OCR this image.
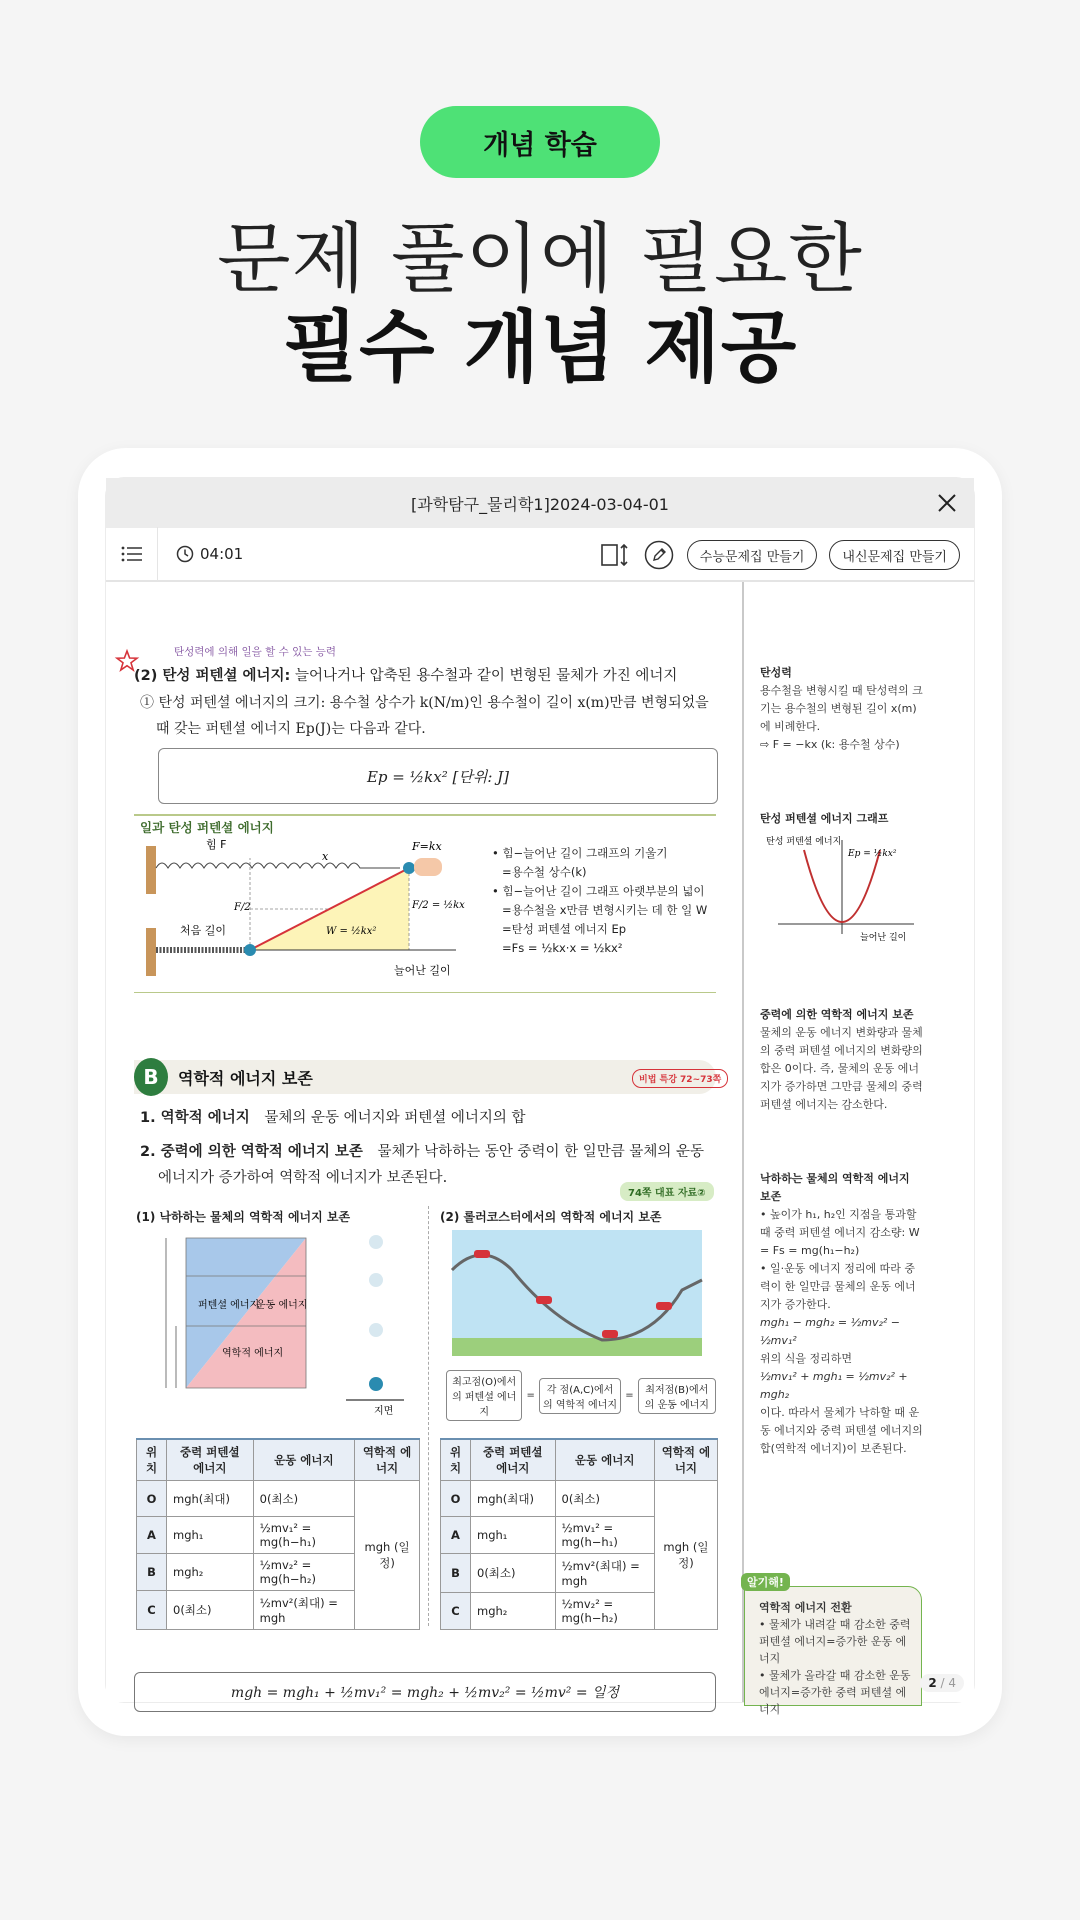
개념 학습
문제 풀이에 필요한
필수 개념 제공
[과학탐구_물리학1]2024-03-04-01
04:01	수능문제집 만들기	내신문제집 만들기
탄성력에 의해 일을 할 수 있는 능력
(2) 탄성 퍼텐셜 에너지: 늘어나거나 압축된 용수철과 같이 변형된 물체가 가진 에너지
① 탄성 퍼텐셜 에너지의 크기: 용수철 상수가 k(N/m)인 용수철이 길이 x(m)만큼 변형되었을
때 갖는 퍼텐셜 에너지 Ep(J)는 다음과 같다.
Ep = ½kx² [단위: J]
일과 탄성 퍼텐셜 에너지
힘 F	F=kx
x
F/2	F/2 = ½kx
W = ½kx²
처음 길이
늘어난 길이
• 힘−늘어난 길이 그래프의 기울기
=용수철 상수(k)
• 힘−늘어난 길이 그래프 아랫부분의 넓이
=용수철을 x만큼 변형시키는 데 한 일 W
=탄성 퍼텐셜 에너지 Ep
=Fs = ½kx·x = ½kx²
B	역학적 에너지 보존	비법 특강 72~73쪽
1. 역학적 에너지 물체의 운동 에너지와 퍼텐셜 에너지의 합
2. 중력에 의한 역학적 에너지 보존 물체가 낙하하는 동안 중력이 한 일만큼 물체의 운동
에너지가 증가하여 역학적 에너지가 보존된다.
74쪽 대표 자료②
(1) 낙하하는 물체의 역학적 에너지 보존	(2) 롤러코스터에서의 역학적 에너지 보존
퍼텐셜 에너지
운동 에너지
역학적 에너지
지면
최고점(O)에서의 퍼텐셜 에너지
=	각 점(A,C)에서의 역학적 에너지
=	최저점(B)에서의 운동 에너지
위치	중력 퍼텐셜 에너지	운동 에너지	역학적 에너지
O	mgh(최대)	0(최소)	mgh (일정)
A	mgh₁	½mv₁² = mg(h−h₁)	
B	mgh₂	½mv₂² = mg(h−h₂)	
C	0(최소)	½mv²(최대) = mgh	
위치	중력 퍼텐셜 에너지	운동 에너지	역학적 에너지
O	mgh(최대)	0(최소)	mgh (일정)
A	mgh₁	½mv₁² = mg(h−h₁)	
B	0(최소)	½mv²(최대) = mgh	
C	mgh₂	½mv₂² = mg(h−h₂)	
mgh = mgh₁ + ½mv₁² = mgh₂ + ½mv₂² = ½mv² = 일정
탄성력
용수철을 변형시킬 때 탄성력의 크기는 용수철의 변형된 길이 x(m)에 비례한다.
⇨ F = −kx (k: 용수철 상수)
탄성 퍼텐셜 에너지 그래프
탄성 퍼텐셜 에너지
Ep = ½kx²
늘어난 길이
중력에 의한 역학적 에너지 보존
물체의 운동 에너지 변화량과 물체의 중력 퍼텐셜 에너지의 변화량의 합은 0이다. 즉, 물체의 운동 에너지가 증가하면 그만큼 물체의 중력 퍼텐셜 에너지는 감소한다.
낙하하는 물체의 역학적 에너지 보존
• 높이가 h₁, h₂인 지점을 통과할 때 중력 퍼텐셜 에너지 감소량: W = Fs = mg(h₁−h₂)
• 일·운동 에너지 정리에 따라 중력이 한 일만큼 물체의 운동 에너지가 증가한다.
mgh₁ − mgh₂ = ½mv₂² − ½mv₁²
위의 식을 정리하면
½mv₁² + mgh₁ = ½mv₂² + mgh₂
이다. 따라서 물체가 낙하할 때 운동 에너지와 중력 퍼텐셜 에너지의 합(역학적 에너지)이 보존된다.
알기해!
역학적 에너지 전환
• 물체가 내려갈 때 감소한 중력 퍼텐셜 에너지=증가한 운동 에너지
• 물체가 올라갈 때 감소한 운동 에너지=증가한 중력 퍼텐셜 에너지
2 / 4
